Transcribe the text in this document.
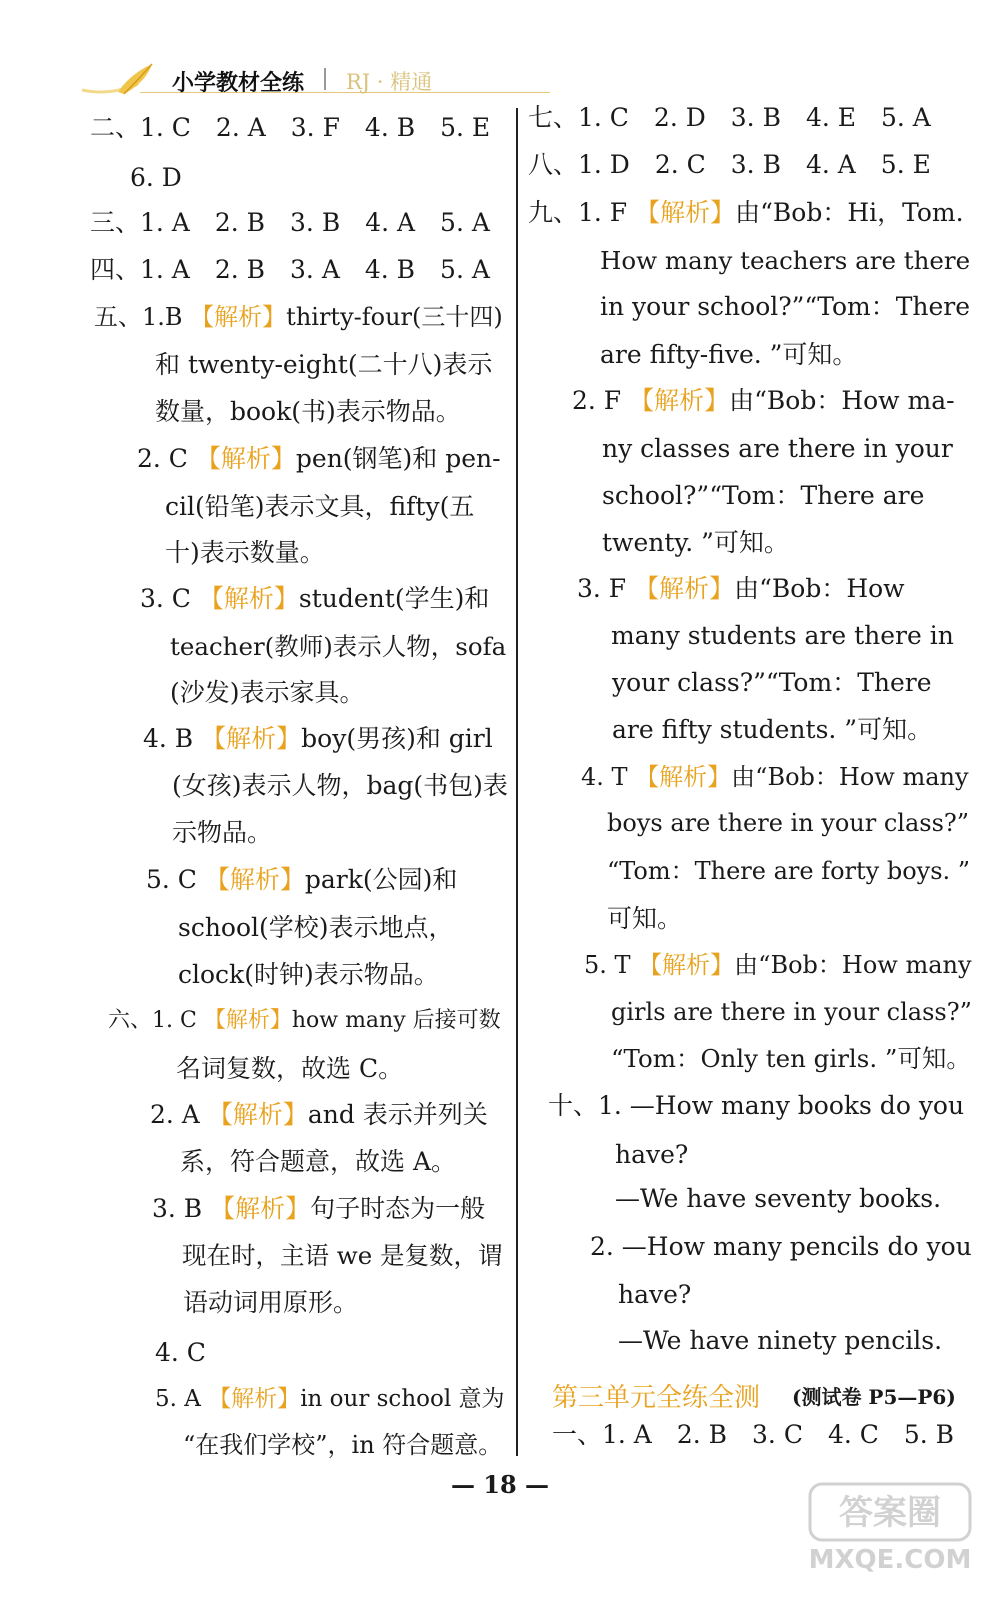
小学教材全练 RJ · 精通
二、1. C　2. A　3. F　4. B　5. E
6. D
三、1. A　2. B　3. B　4. A　5. A
四、1. A　2. B　3. A　4. B　5. A
五、1.B 【解析】thirty-four(三十四)
和 twenty-eight(二十八)表示
数量，book(书)表示物品。
2. C 【解析】pen(钢笔)和 pen-
cil(铅笔)表示文具，fifty(五
十)表示数量。
3. C 【解析】student(学生)和
teacher(教师)表示人物，sofa
(沙发)表示家具。
4. B 【解析】boy(男孩)和 girl
(女孩)表示人物，bag(书包)表
示物品。
5. C 【解析】park(公园)和
school(学校)表示地点，
clock(时钟)表示物品。
六、1. C 【解析】how many 后接可数
名词复数，故选 C。
2. A 【解析】and 表示并列关
系，符合题意，故选 A。
3. B 【解析】句子时态为一般
现在时，主语 we 是复数，谓
语动词用原形。
4. C
5. A 【解析】in our school 意为
“在我们学校”，in 符合题意。
七、1. C　2. D　3. B　4. E　5. A
八、1. D　2. C　3. B　4. A　5. E
九、1. F 【解析】由“Bob：Hi，Tom.
How many teachers are there
in your school?”“Tom：There
are fifty-five. ”可知。
2. F 【解析】由“Bob：How ma-
ny classes are there in your
school?”“Tom：There are
twenty. ”可知。
3. F 【解析】由“Bob：How
many students are there in
your class?”“Tom：There
are fifty students. ”可知。
4. T 【解析】由“Bob：How many
boys are there in your class?”
“Tom：There are forty boys. ”
可知。
5. T 【解析】由“Bob：How many
girls are there in your class?”
“Tom：Only ten girls. ”可知。
十、1. —How many books do you
have?
—We have seventy books.
2. —How many pencils do you
have?
—We have ninety pencils.
一、1. A　2. B　3. C　4. C　5. B
第三单元全练全测 (测试卷 P5—P6)
— 18 —
答案圈
MXQE.COM
